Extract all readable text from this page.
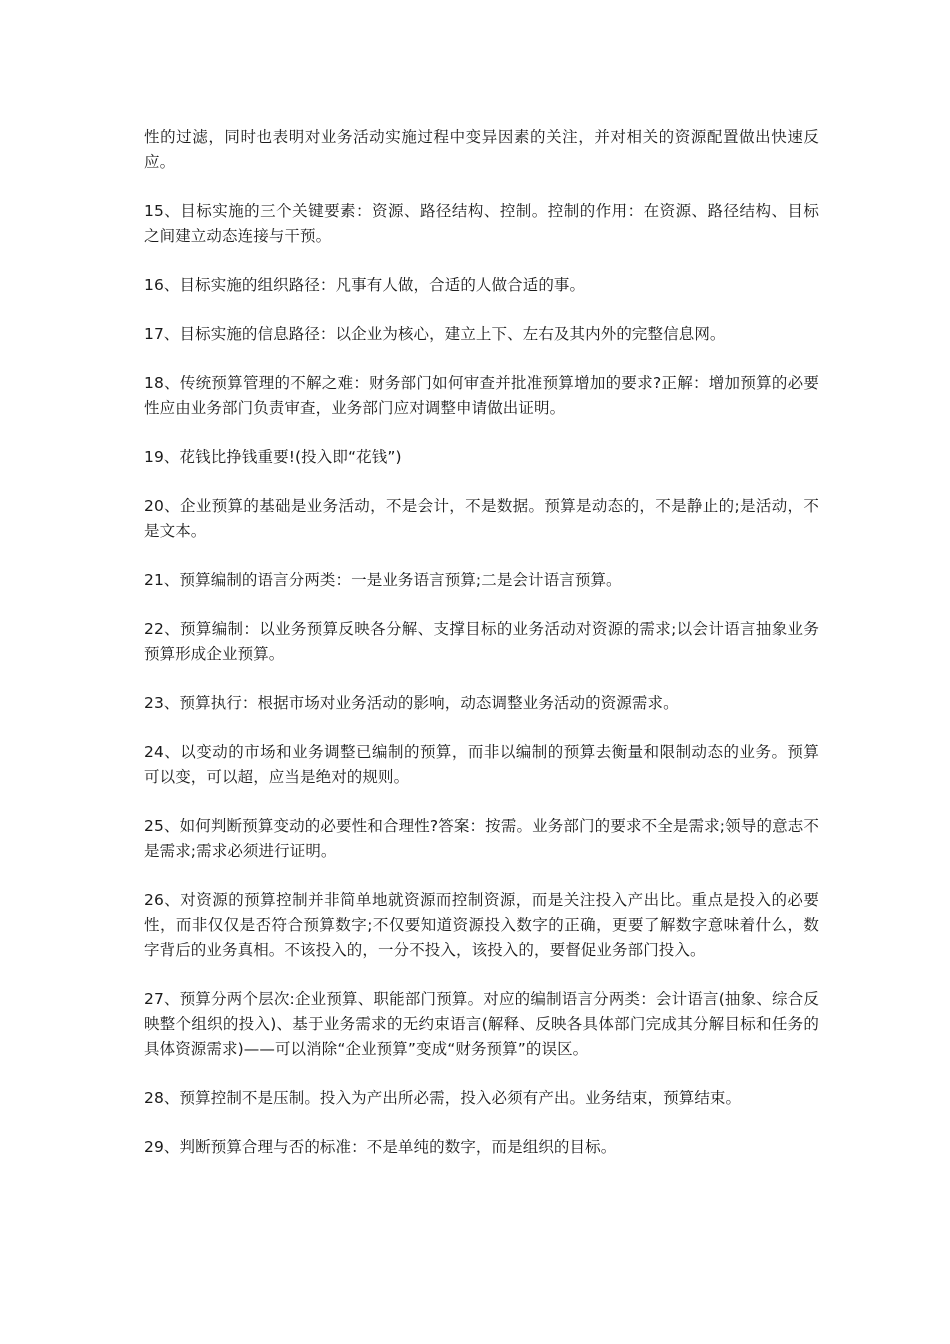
性的过滤，同时也表明对业务活动实施过程中变异因素的关注，并对相关的资源配置做出快速反应。

15、目标实施的三个关键要素：资源、路径结构、控制。控制的作用：在资源、路径结构、目标之间建立动态连接与干预。

16、目标实施的组织路径：凡事有人做，合适的人做合适的事。

17、目标实施的信息路径：以企业为核心，建立上下、左右及其内外的完整信息网。

18、传统预算管理的不解之难：财务部门如何审查并批准预算增加的要求?正解：增加预算的必要性应由业务部门负责审查，业务部门应对调整申请做出证明。

19、花钱比挣钱重要!(投入即“花钱”)

20、企业预算的基础是业务活动，不是会计，不是数据。预算是动态的，不是静止的;是活动，不是文本。

21、预算编制的语言分两类：一是业务语言预算;二是会计语言预算。

22、预算编制：以业务预算反映各分解、支撑目标的业务活动对资源的需求;以会计语言抽象业务预算形成企业预算。

23、预算执行：根据市场对业务活动的影响，动态调整业务活动的资源需求。

24、以变动的市场和业务调整已编制的预算，而非以编制的预算去衡量和限制动态的业务。预算可以变，可以超，应当是绝对的规则。

25、如何判断预算变动的必要性和合理性?答案：按需。业务部门的要求不全是需求;领导的意志不是需求;需求必须进行证明。

26、对资源的预算控制并非简单地就资源而控制资源，而是关注投入产出比。重点是投入的必要性，而非仅仅是否符合预算数字;不仅要知道资源投入数字的正确，更要了解数字意味着什么，数字背后的业务真相。不该投入的，一分不投入，该投入的，要督促业务部门投入。

27、预算分两个层次:企业预算、职能部门预算。对应的编制语言分两类：会计语言(抽象、综合反映整个组织的投入)、基于业务需求的无约束语言(解释、反映各具体部门完成其分解目标和任务的具体资源需求)——可以消除“企业预算”变成“财务预算”的误区。

28、预算控制不是压制。投入为产出所必需，投入必须有产出。业务结束，预算结束。

29、判断预算合理与否的标准：不是单纯的数字，而是组织的目标。
